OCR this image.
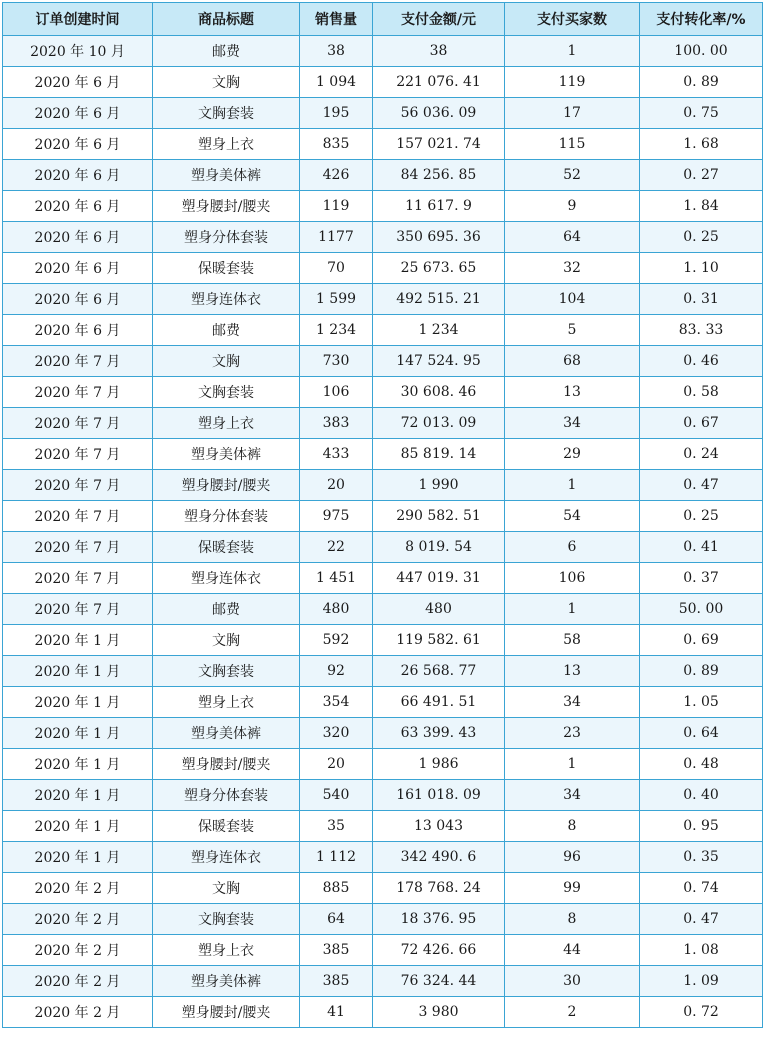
订单创建时间	商品标题	销售量	支付金额/元	支付买家数	支付转化率/%
2020 年 10 月	邮费	38	38	1	100. 00
2020 年 6 月	文胸	1 094	221 076. 41	119	0. 89
2020 年 6 月	文胸套装	195	56 036. 09	17	0. 75
2020 年 6 月	塑身上衣	835	157 021. 74	115	1. 68
2020 年 6 月	塑身美体裤	426	84 256. 85	52	0. 27
2020 年 6 月	塑身腰封/腰夹	119	11 617. 9	9	1. 84
2020 年 6 月	塑身分体套装	1177	350 695. 36	64	0. 25
2020 年 6 月	保暖套装	70	25 673. 65	32	1. 10
2020 年 6 月	塑身连体衣	1 599	492 515. 21	104	0. 31
2020 年 6 月	邮费	1 234	1 234	5	83. 33
2020 年 7 月	文胸	730	147 524. 95	68	0. 46
2020 年 7 月	文胸套装	106	30 608. 46	13	0. 58
2020 年 7 月	塑身上衣	383	72 013. 09	34	0. 67
2020 年 7 月	塑身美体裤	433	85 819. 14	29	0. 24
2020 年 7 月	塑身腰封/腰夹	20	1 990	1	0. 47
2020 年 7 月	塑身分体套装	975	290 582. 51	54	0. 25
2020 年 7 月	保暖套装	22	8 019. 54	6	0. 41
2020 年 7 月	塑身连体衣	1 451	447 019. 31	106	0. 37
2020 年 7 月	邮费	480	480	1	50. 00
2020 年 1 月	文胸	592	119 582. 61	58	0. 69
2020 年 1 月	文胸套装	92	26 568. 77	13	0. 89
2020 年 1 月	塑身上衣	354	66 491. 51	34	1. 05
2020 年 1 月	塑身美体裤	320	63 399. 43	23	0. 64
2020 年 1 月	塑身腰封/腰夹	20	1 986	1	0. 48
2020 年 1 月	塑身分体套装	540	161 018. 09	34	0. 40
2020 年 1 月	保暖套装	35	13 043	8	0. 95
2020 年 1 月	塑身连体衣	1 112	342 490. 6	96	0. 35
2020 年 2 月	文胸	885	178 768. 24	99	0. 74
2020 年 2 月	文胸套装	64	18 376. 95	8	0. 47
2020 年 2 月	塑身上衣	385	72 426. 66	44	1. 08
2020 年 2 月	塑身美体裤	385	76 324. 44	30	1. 09
2020 年 2 月	塑身腰封/腰夹	41	3 980	2	0. 72
